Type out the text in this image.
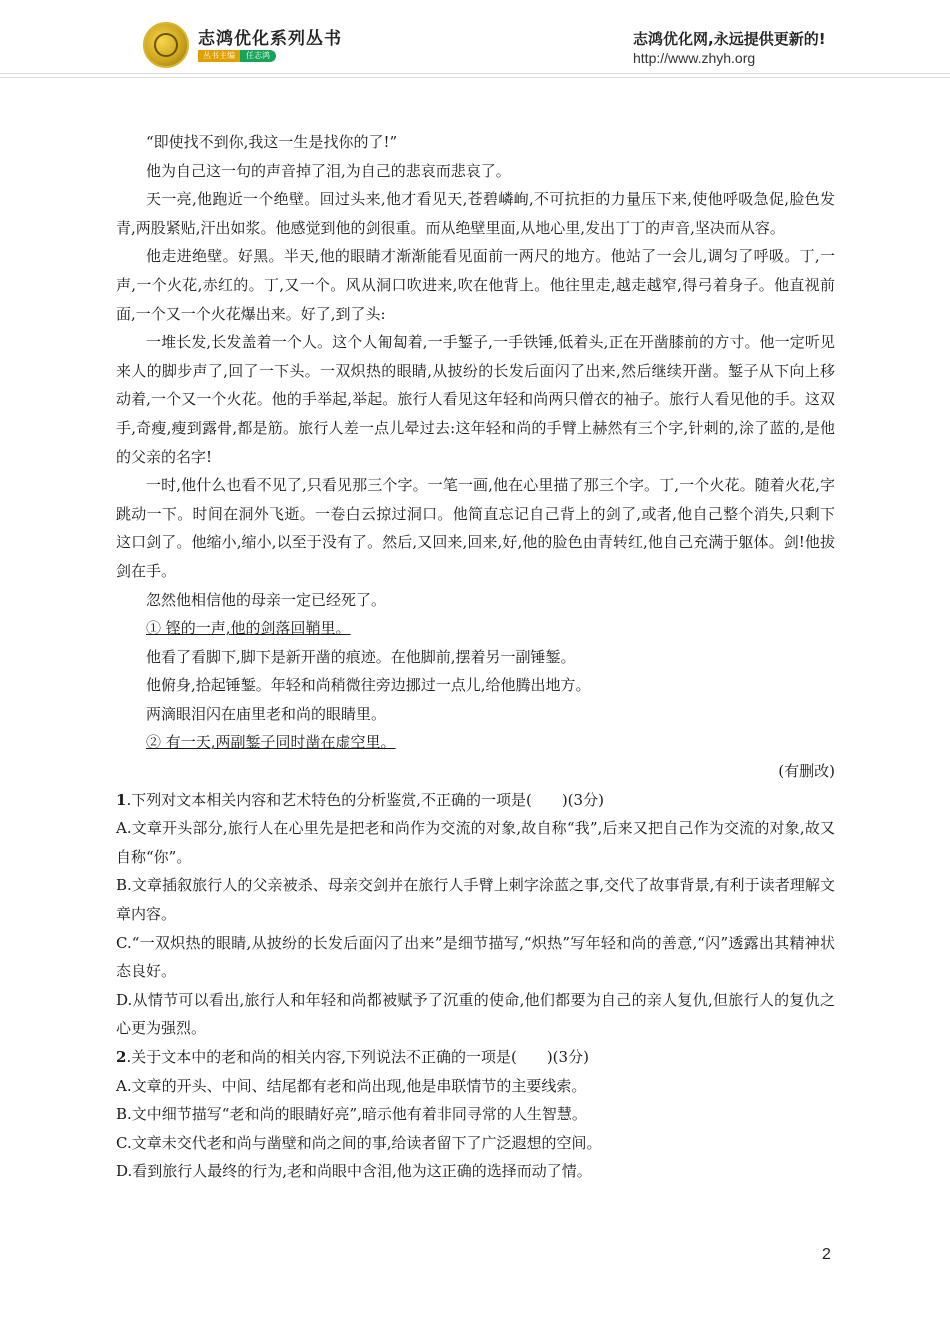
志鸿优化系列丛书
丛书主编	任志鸿
志鸿优化网,永远提供更新的!
http://www.zhyh.org

“即使找不到你,我这一生是找你的了!”

他为自己这一句的声音掉了泪,为自己的悲哀而悲哀了。

天一亮,他跑近一个绝壁。回过头来,他才看见天,苍碧嶙峋,不可抗拒的力量压下来,使他呼吸急促,脸色发青,两股紧贴,汗出如浆。他感觉到他的剑很重。而从绝壁里面,从地心里,发出丁丁的声音,坚决而从容。

他走进绝壁。好黑。半天,他的眼睛才渐渐能看见面前一两尺的地方。他站了一会儿,调匀了呼吸。丁,一声,一个火花,赤红的。丁,又一个。风从洞口吹进来,吹在他背上。他往里走,越走越窄,得弓着身子。他直视前面,一个又一个火花爆出来。好了,到了头:

一堆长发,长发盖着一个人。这个人匍匐着,一手錾子,一手铁锤,低着头,正在开凿膝前的方寸。他一定听见来人的脚步声了,回了一下头。一双炽热的眼睛,从披纷的长发后面闪了出来,然后继续开凿。錾子从下向上移动着,一个又一个火花。他的手举起,举起。旅行人看见这年轻和尚两只僧衣的袖子。旅行人看见他的手。这双手,奇瘦,瘦到露骨,都是筋。旅行人差一点儿晕过去:这年轻和尚的手臂上赫然有三个字,针刺的,涂了蓝的,是他的父亲的名字!

一时,他什么也看不见了,只看见那三个字。一笔一画,他在心里描了那三个字。丁,一个火花。随着火花,字跳动一下。时间在洞外飞逝。一卷白云掠过洞口。他简直忘记自己背上的剑了,或者,他自己整个消失,只剩下这口剑了。他缩小,缩小,以至于没有了。然后,又回来,回来,好,他的脸色由青转红,他自己充满于躯体。剑!他拔剑在手。

忽然他相信他的母亲一定已经死了。

① 铿的一声,他的剑落回鞘里。

他看了看脚下,脚下是新开凿的痕迹。在他脚前,摆着另一副锤錾。

他俯身,拾起锤錾。年轻和尚稍微往旁边挪过一点儿,给他腾出地方。

两滴眼泪闪在庙里老和尚的眼睛里。

② 有一天,两副錾子同时凿在虚空里。

(有删改)

1.下列对文本相关内容和艺术特色的分析鉴赏,不正确的一项是(　　)(3分)

A.文章开头部分,旅行人在心里先是把老和尚作为交流的对象,故自称“我”,后来又把自己作为交流的对象,故又自称“你”。

B.文章插叙旅行人的父亲被杀、母亲交剑并在旅行人手臂上刺字涂蓝之事,交代了故事背景,有利于读者理解文章内容。

C.“一双炽热的眼睛,从披纷的长发后面闪了出来”是细节描写,“炽热”写年轻和尚的善意,“闪”透露出其精神状态良好。

D.从情节可以看出,旅行人和年轻和尚都被赋予了沉重的使命,他们都要为自己的亲人复仇,但旅行人的复仇之心更为强烈。

2.关于文本中的老和尚的相关内容,下列说法不正确的一项是(　　)(3分)

A.文章的开头、中间、结尾都有老和尚出现,他是串联情节的主要线索。

B.文中细节描写“老和尚的眼睛好亮”,暗示他有着非同寻常的人生智慧。

C.文章未交代老和尚与凿壁和尚之间的事,给读者留下了广泛遐想的空间。

D.看到旅行人最终的行为,老和尚眼中含泪,他为这正确的选择而动了情。

2
